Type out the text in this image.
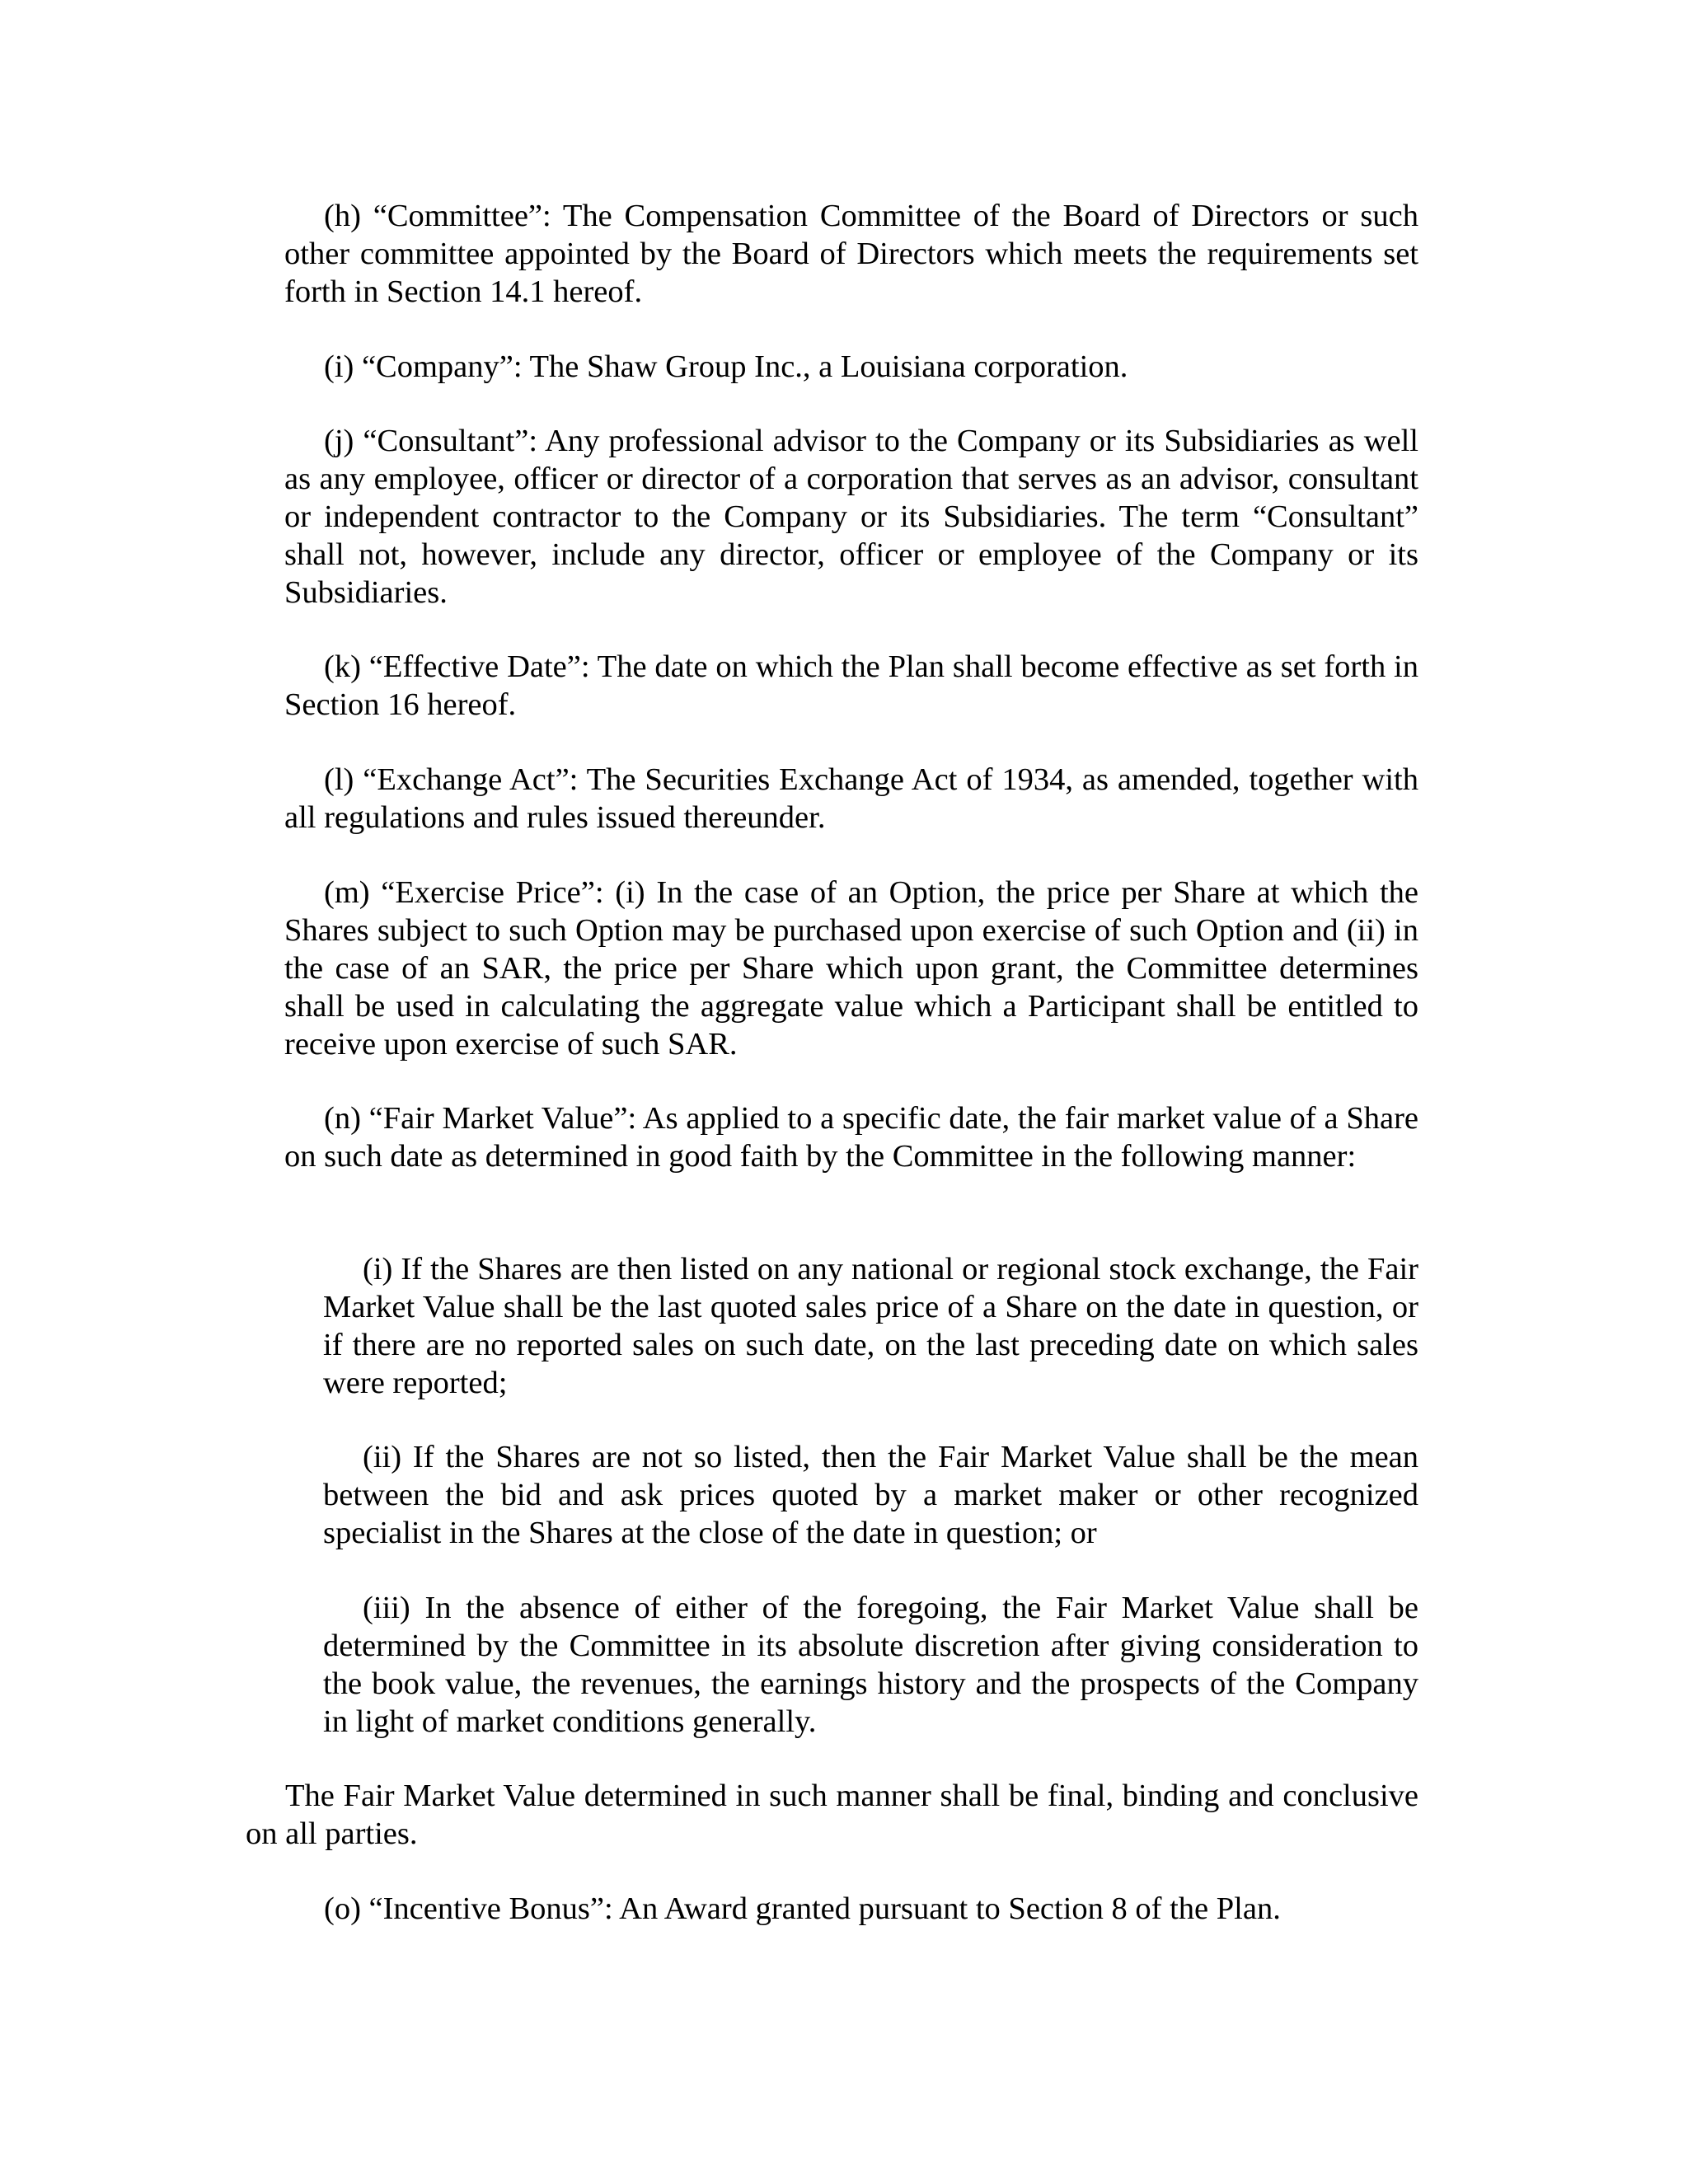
(h) “Committee”: The Compensation Committee of the Board of Directors or such other committee appointed by the Board of Directors which meets the requirements set forth in Section 14.1 hereof.

(i) “Company”: The Shaw Group Inc., a Louisiana corporation.

(j) “Consultant”: Any professional advisor to the Company or its Subsidiaries as well as any employee, officer or director of a corporation that serves as an advisor, consultant or independent contractor to the Company or its Subsidiaries. The term “Consultant” shall not, however, include any director, officer or employee of the Company or its Subsidiaries.

(k) “Effective Date”: The date on which the Plan shall become effective as set forth in Section 16 hereof.

(l) “Exchange Act”: The Securities Exchange Act of 1934, as amended, together with all regulations and rules issued thereunder.

(m) “Exercise Price”: (i) In the case of an Option, the price per Share at which the Shares subject to such Option may be purchased upon exercise of such Option and (ii) in the case of an SAR, the price per Share which upon grant, the Committee determines shall be used in calculating the aggregate value which a Participant shall be entitled to receive upon exercise of such SAR.

(n) “Fair Market Value”: As applied to a specific date, the fair market value of a Share on such date as determined in good faith by the Committee in the following manner:

(i) If the Shares are then listed on any national or regional stock exchange, the Fair Market Value shall be the last quoted sales price of a Share on the date in question, or if there are no reported sales on such date, on the last preceding date on which sales were reported;

(ii) If the Shares are not so listed, then the Fair Market Value shall be the mean between the bid and ask prices quoted by a market maker or other recognized specialist in the Shares at the close of the date in question; or

(iii) In the absence of either of the foregoing, the Fair Market Value shall be determined by the Committee in its absolute discretion after giving consideration to the book value, the revenues, the earnings history and the prospects of the Company in light of market conditions generally.

The Fair Market Value determined in such manner shall be final, binding and conclusive on all parties.

(o) “Incentive Bonus”: An Award granted pursuant to Section 8 of the Plan.
